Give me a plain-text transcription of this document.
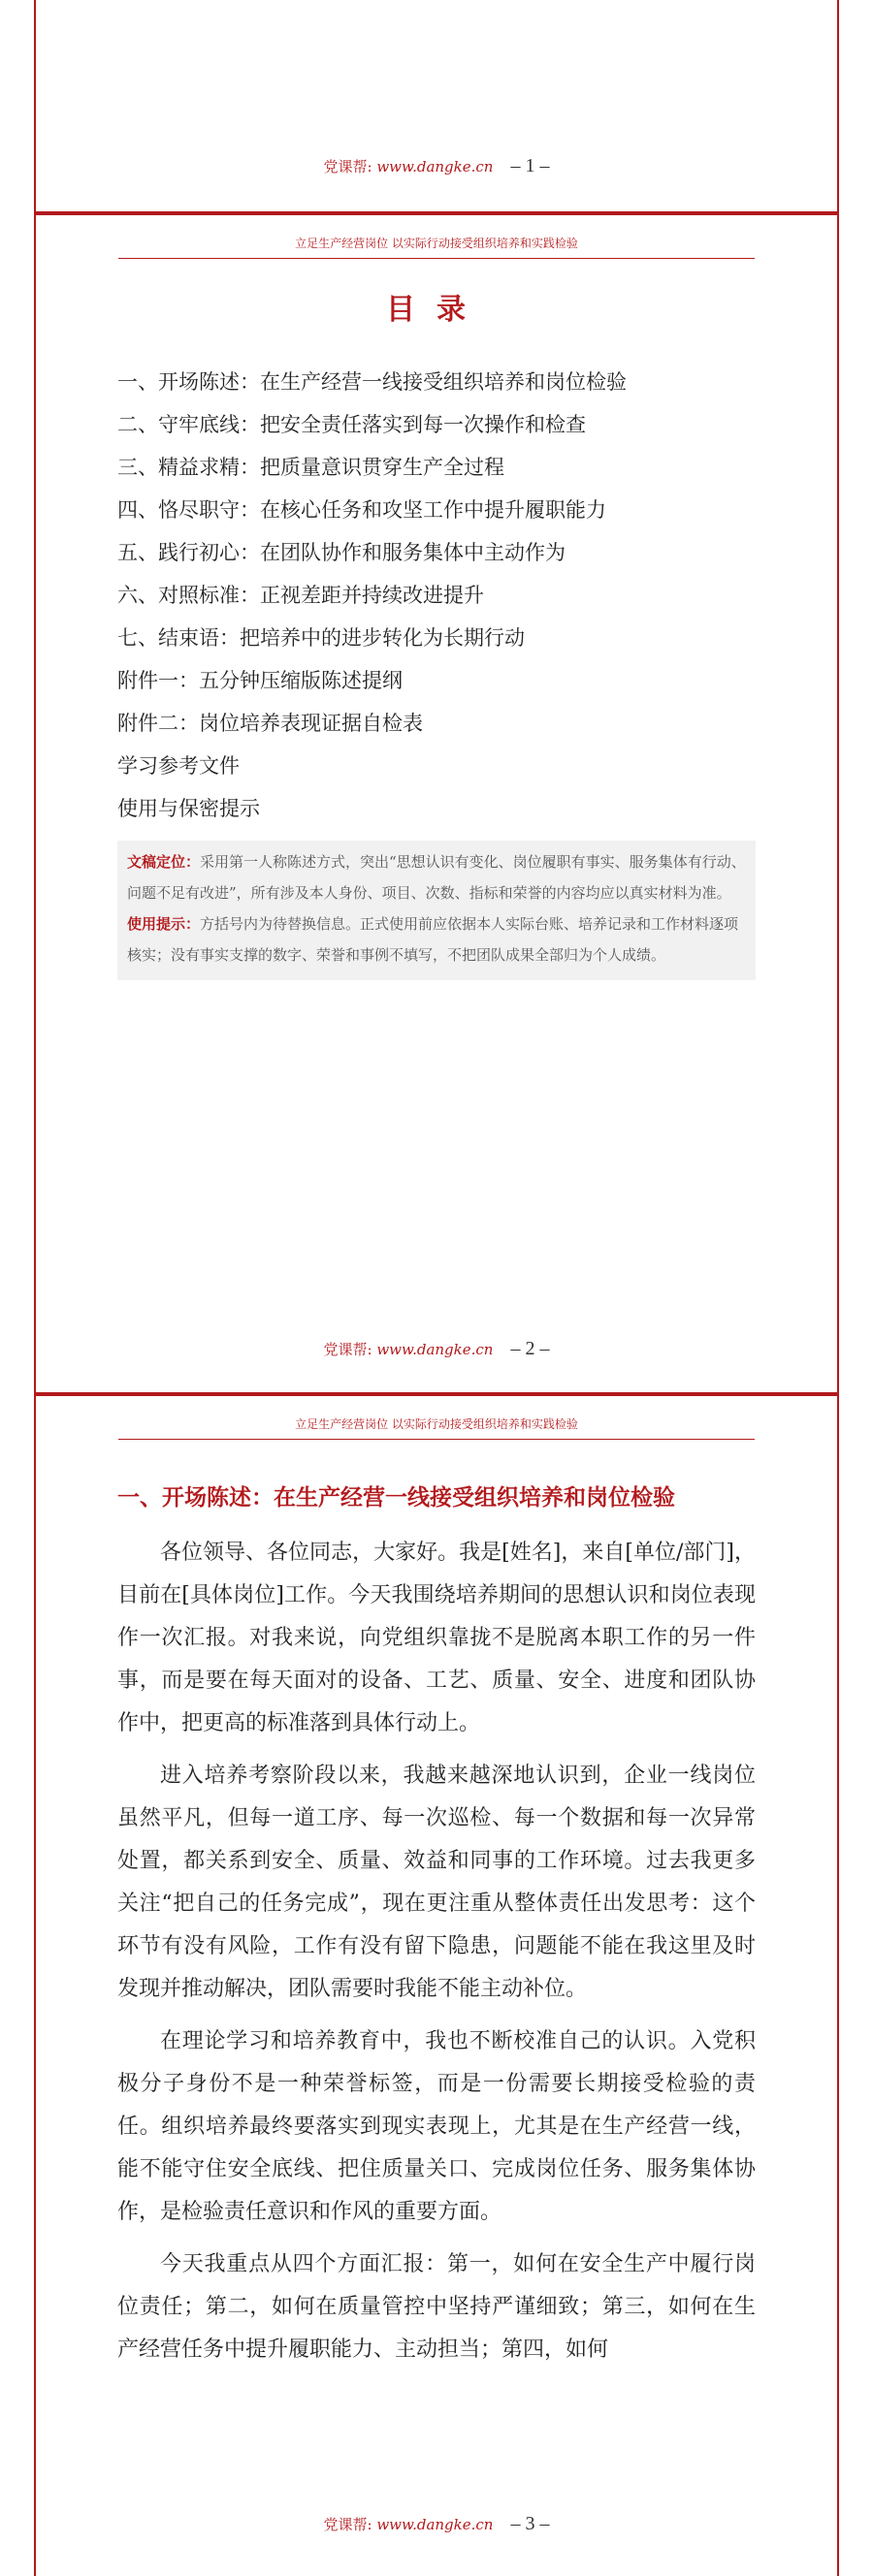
党课帮: www.dangke.cn – 1 –
立足生产经营岗位 以实际行动接受组织培养和实践检验
目录
一、开场陈述：在生产经营一线接受组织培养和岗位检验
二、守牢底线：把安全责任落实到每一次操作和检查
三、精益求精：把质量意识贯穿生产全过程
四、恪尽职守：在核心任务和攻坚工作中提升履职能力
五、践行初心：在团队协作和服务集体中主动作为
六、对照标准：正视差距并持续改进提升
七、结束语：把培养中的进步转化为长期行动
附件一：五分钟压缩版陈述提纲
附件二：岗位培养表现证据自检表
学习参考文件
使用与保密提示
文稿定位：采用第一人称陈述方式，突出“思想认识有变化、岗位履职有事实、服务集体有行动、问题不足有改进”，所有涉及本人身份、项目、次数、指标和荣誉的内容均应以真实材料为准。
使用提示：方括号内为待替换信息。正式使用前应依据本人实际台账、培养记录和工作材料逐项核实；没有事实支撑的数字、荣誉和事例不填写，不把团队成果全部归为个人成绩。
党课帮: www.dangke.cn – 2 –
立足生产经营岗位 以实际行动接受组织培养和实践检验
一、开场陈述：在生产经营一线接受组织培养和岗位检验

各位领导、各位同志，大家好。我是[姓名]，来自[单位/部门]，目前在[具体岗位]工作。今天我围绕培养期间的思想认识和岗位表现作一次汇报。对我来说，向党组织靠拢不是脱离本职工作的另一件事，而是要在每天面对的设备、工艺、质量、安全、进度和团队协作中，把更高的标准落到具体行动上。

进入培养考察阶段以来，我越来越深地认识到，企业一线岗位虽然平凡，但每一道工序、每一次巡检、每一个数据和每一次异常处置，都关系到安全、质量、效益和同事的工作环境。过去我更多关注“把自己的任务完成”，现在更注重从整体责任出发思考：这个环节有没有风险，工作有没有留下隐患，问题能不能在我这里及时发现并推动解决，团队需要时我能不能主动补位。

在理论学习和培养教育中，我也不断校准自己的认识。入党积极分子身份不是一种荣誉标签，而是一份需要长期接受检验的责任。组织培养最终要落实到现实表现上，尤其是在生产经营一线，能不能守住安全底线、把住质量关口、完成岗位任务、服务集体协作，是检验责任意识和作风的重要方面。

今天我重点从四个方面汇报：第一，如何在安全生产中履行岗位责任；第二，如何在质量管控中坚持严谨细致；第三，如何在生产经营任务中提升履职能力、主动担当；第四，如何

党课帮: www.dangke.cn – 3 –
